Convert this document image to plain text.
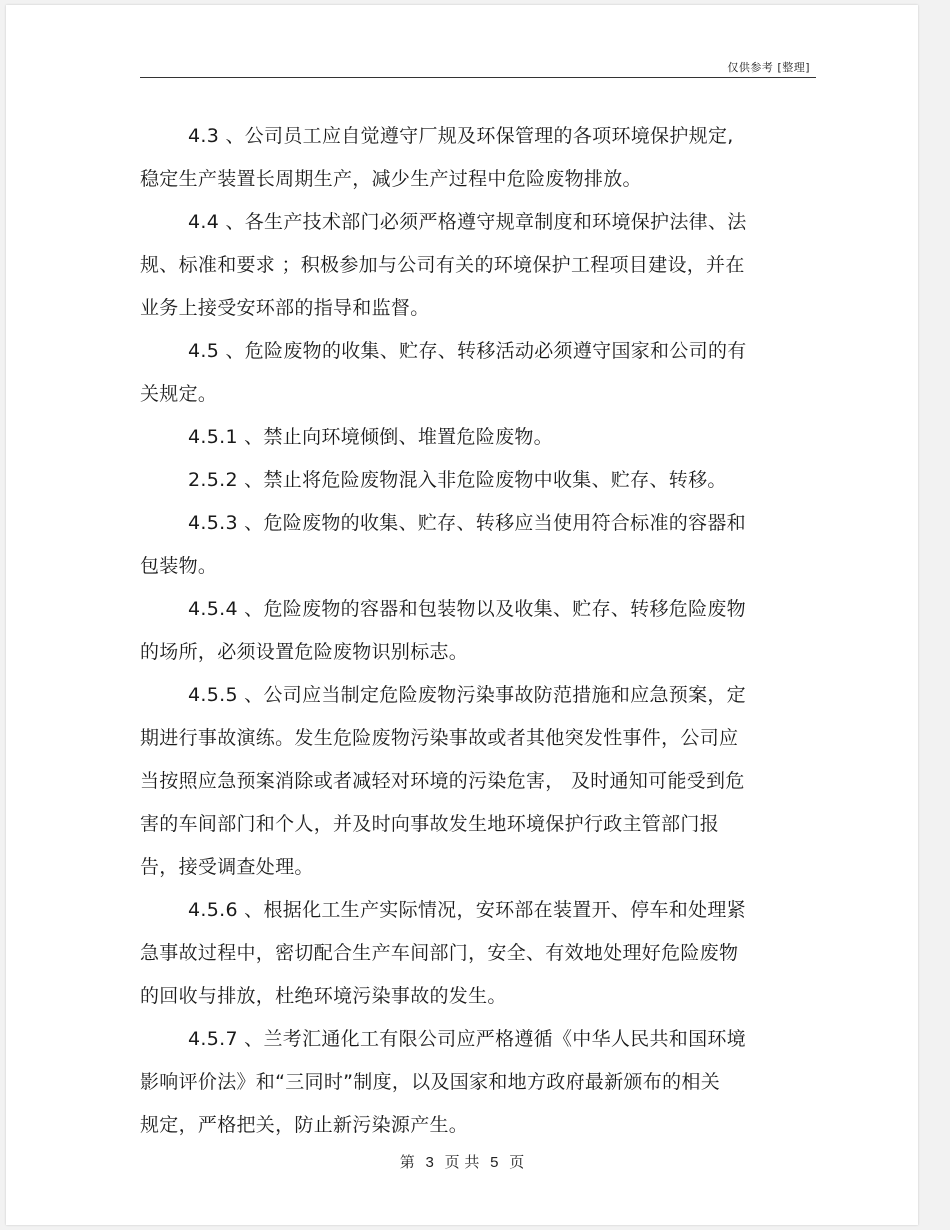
仅供参考 [整理]
4.3 、公司员工应自觉遵守厂规及环保管理的各项环境保护规定,
稳定生产装置长周期生产，减少生产过程中危险废物排放。
4.4 、各生产技术部门必须严格遵守规章制度和环境保护法律、法
规、标准和要求 ；积极参加与公司有关的环境保护工程项目建设，并在
业务上接受安环部的指导和监督。
4.5 、危险废物的收集、贮存、转移活动必须遵守国家和公司的有
关规定。
4.5.1 、禁止向环境倾倒、堆置危险废物。
2.5.2 、禁止将危险废物混入非危险废物中收集、贮存、转移。
4.5.3 、危险废物的收集、贮存、转移应当使用符合标准的容器和
包装物。
4.5.4 、危险废物的容器和包装物以及收集、贮存、转移危险废物
的场所，必须设置危险废物识别标志。
4.5.5 、公司应当制定危险废物污染事故防范措施和应急预案，定
期进行事故演练。发生危险废物污染事故或者其他突发性事件，公司应
当按照应急预案消除或者减轻对环境的污染危害， 及时通知可能受到危
害的车间部门和个人，并及时向事故发生地环境保护行政主管部门报
告，接受调查处理。
4.5.6 、根据化工生产实际情况，安环部在装置开、停车和处理紧
急事故过程中，密切配合生产车间部门，安全、有效地处理好危险废物
的回收与排放，杜绝环境污染事故的发生。
4.5.7 、兰考汇通化工有限公司应严格遵循《中华人民共和国环境
影响评价法》和“三同时”制度，以及国家和地方政府最新颁布的相关
规定，严格把关，防止新污染源产生。
第 3 页 共 5 页
